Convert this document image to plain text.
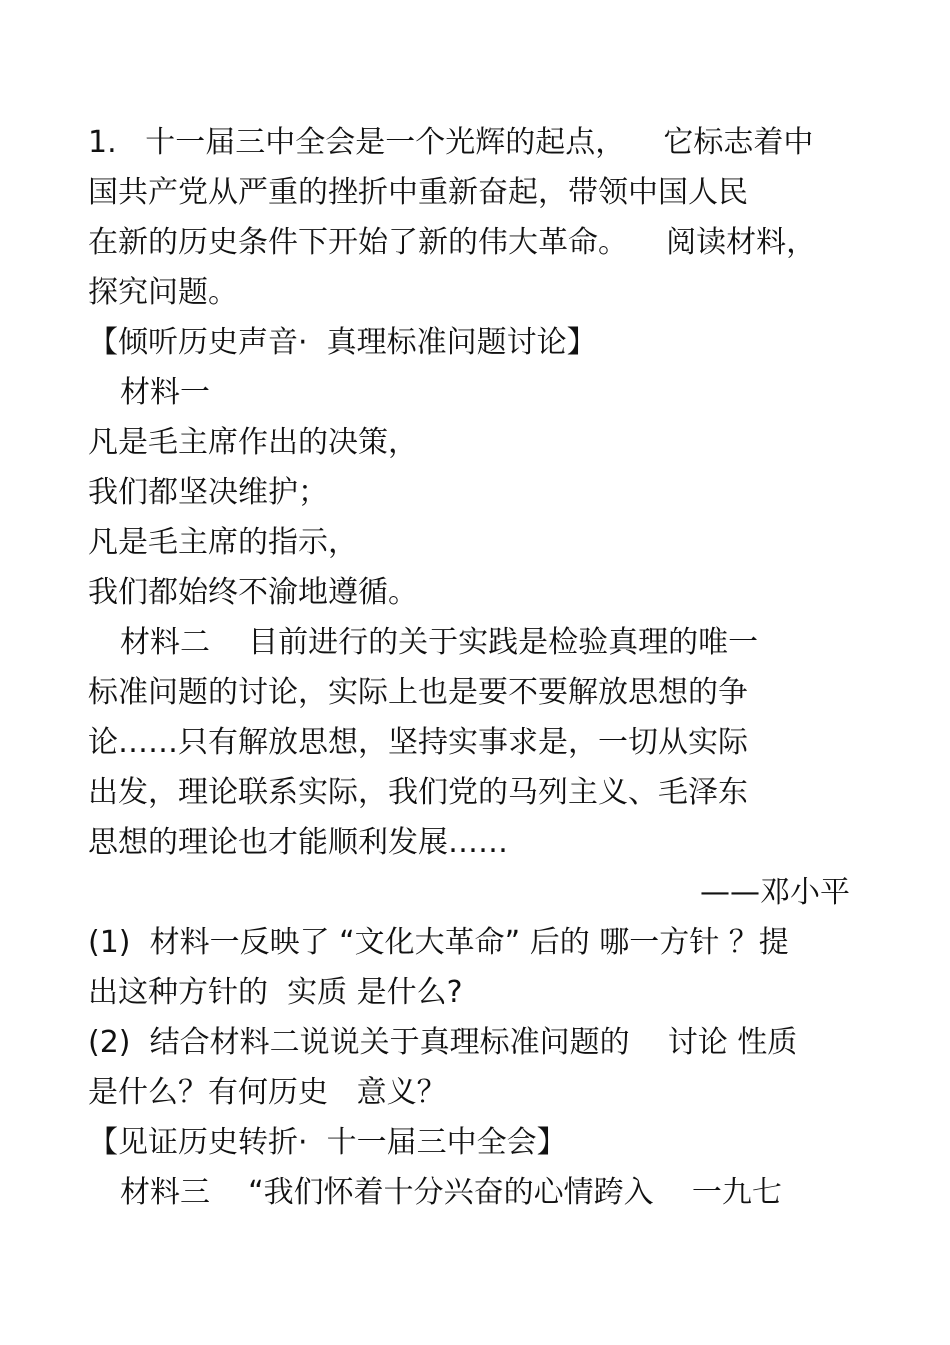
1.   十一届三中全会是一个光辉的起点，    它标志着中
国共产党从严重的挫折中重新奋起，带领中国人民
在新的历史条件下开始了新的伟大革命。    阅读材料，
探究问题。
【倾听历史声音·  真理标准问题讨论】
材料一
凡是毛主席作出的决策，
我们都坚决维护；
凡是毛主席的指示，
我们都始终不渝地遵循。
材料二    目前进行的关于实践是检验真理的唯一
标准问题的讨论，实际上也是要不要解放思想的争
论……只有解放思想，坚持实事求是，一切从实际
出发，理论联系实际，我们党的马列主义、毛泽东
思想的理论也才能顺利发展……
——邓小平
(1)  材料一反映了 “文化大革命” 后的 哪一方针 ？提
出这种方针的  实质 是什么?
(2)  结合材料二说说关于真理标准问题的    讨论 性质
是什么？有何历史   意义？
【见证历史转折·  十一届三中全会】
材料三    “我们怀着十分兴奋的心情跨入    一九七
